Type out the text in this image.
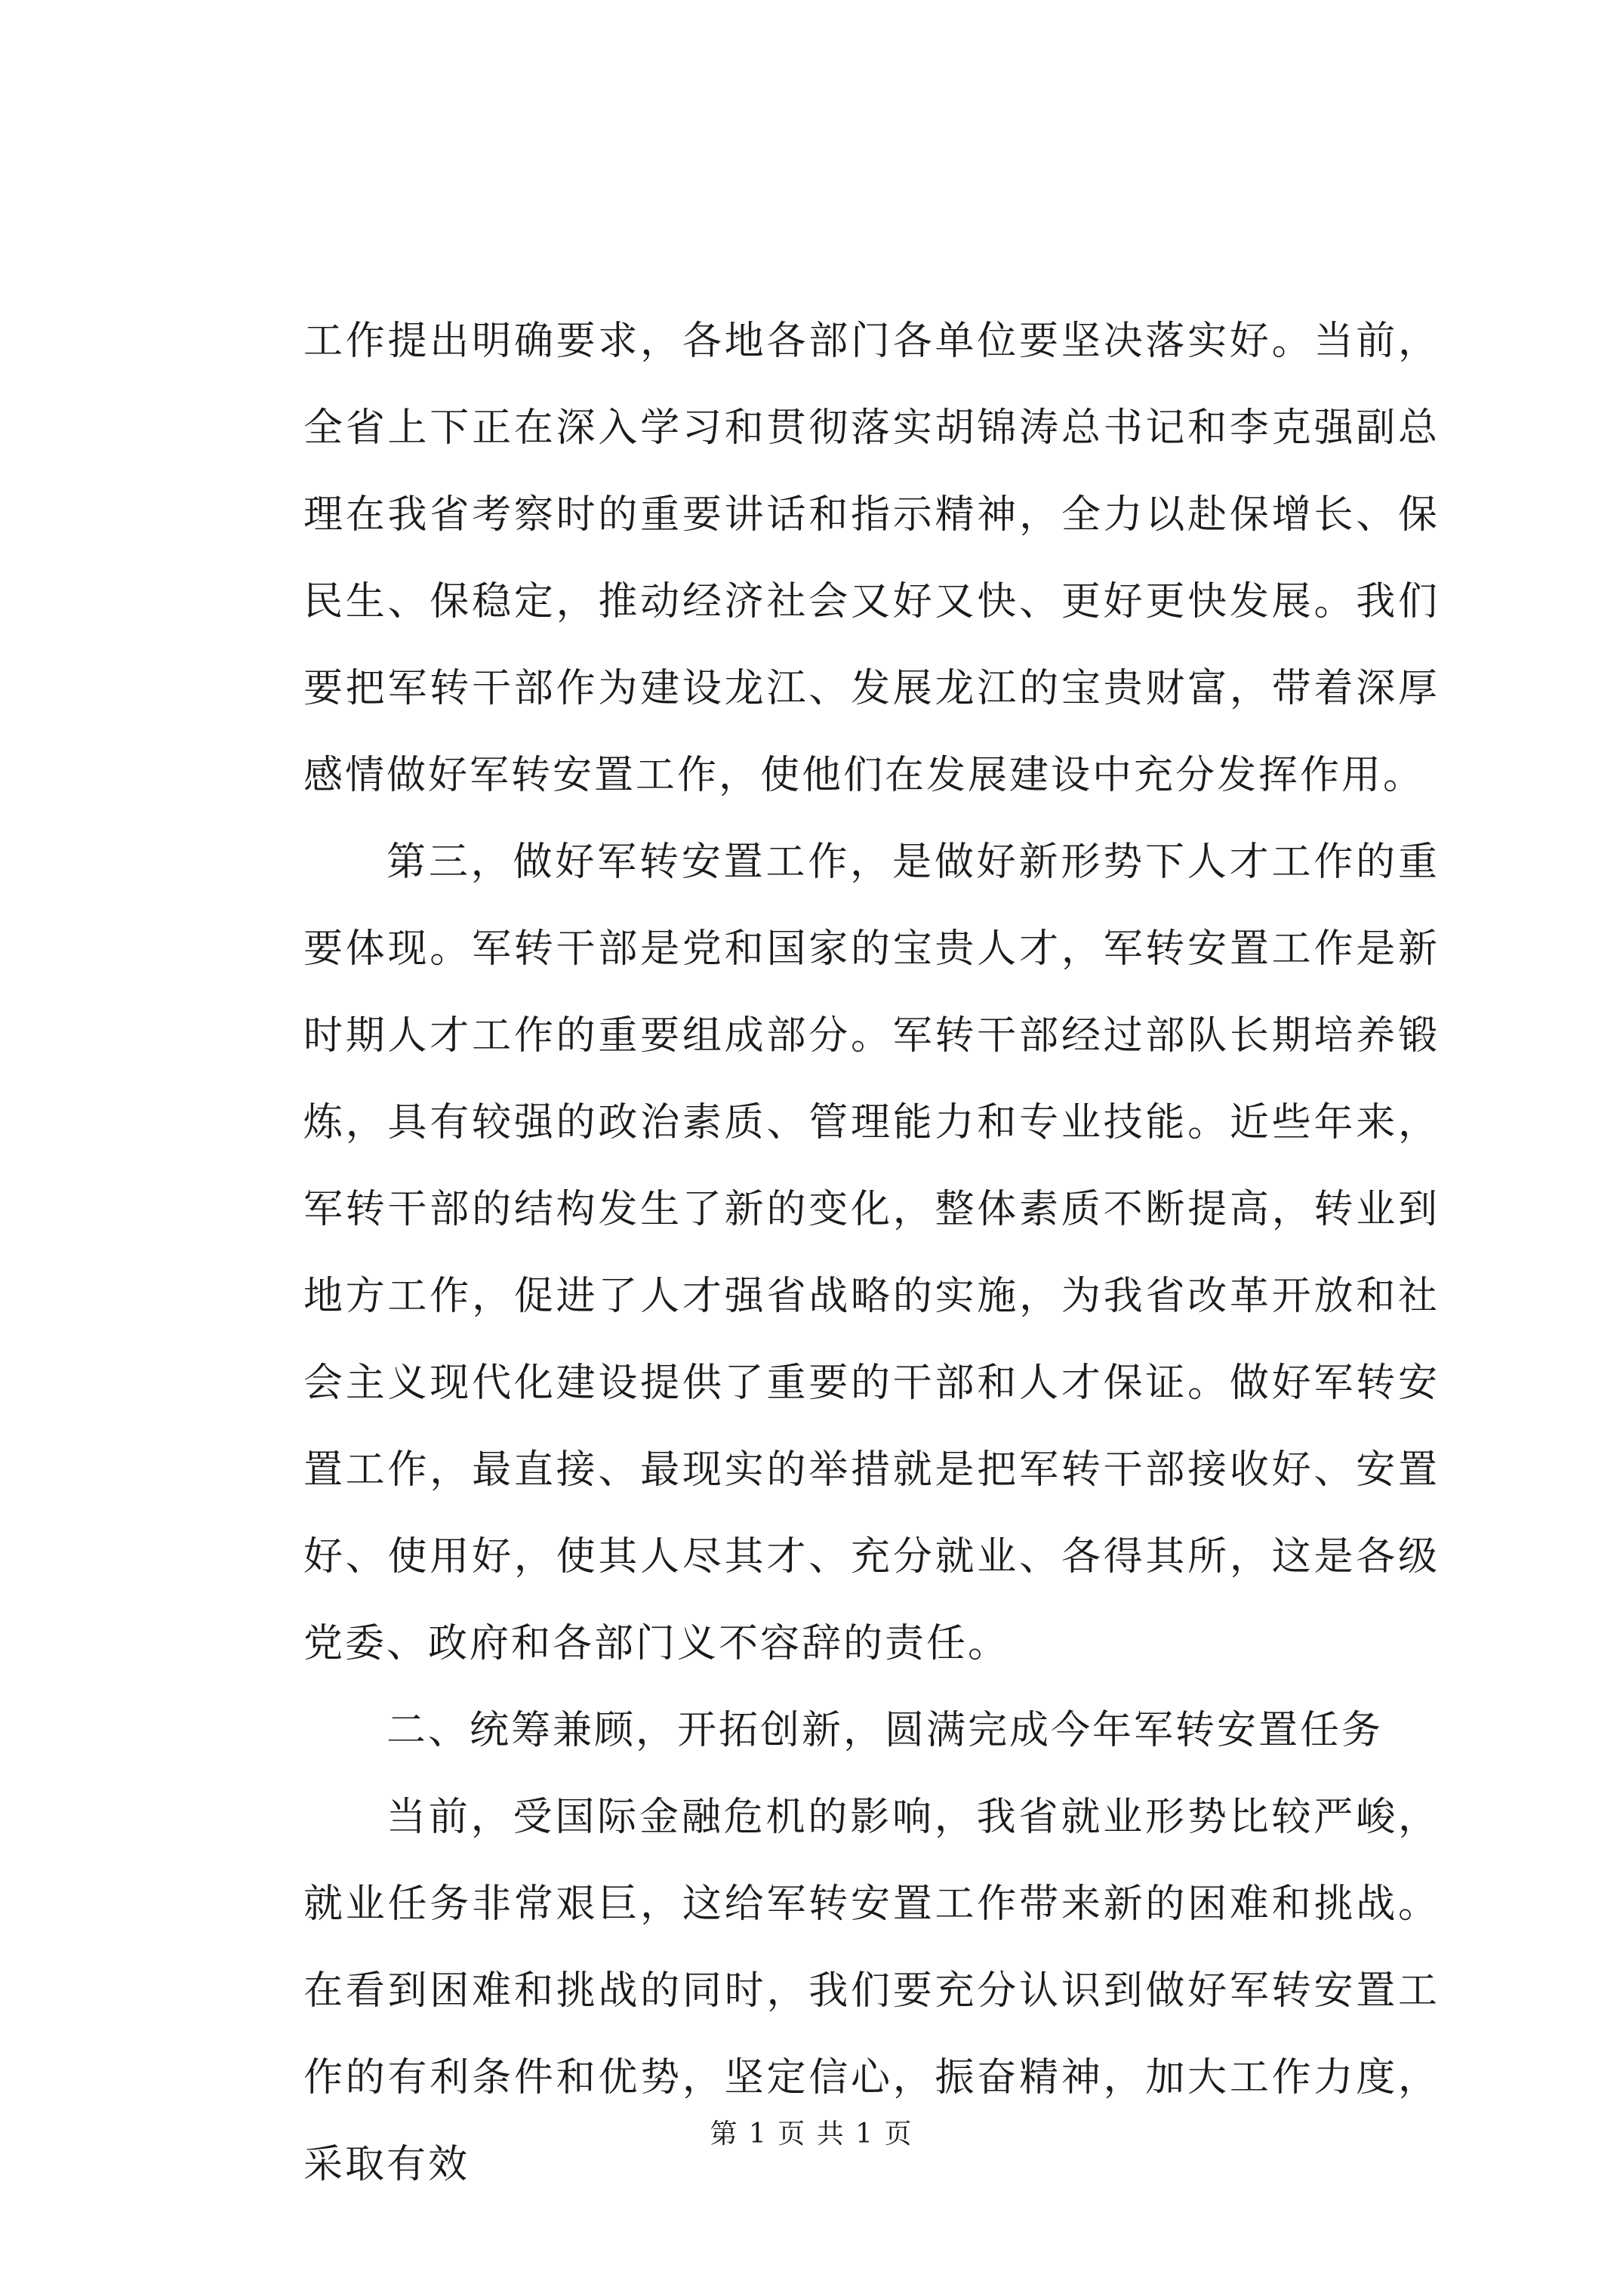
工作提出明确要求，各地各部门各单位要坚决落实好。当前，全省上下正在深入学习和贯彻落实胡锦涛总书记和李克强副总理在我省考察时的重要讲话和指示精神，全力以赴保增长、保民生、保稳定，推动经济社会又好又快、更好更快发展。我们要把军转干部作为建设龙江、发展龙江的宝贵财富，带着深厚感情做好军转安置工作，使他们在发展建设中充分发挥作用。

第三，做好军转安置工作，是做好新形势下人才工作的重要体现。军转干部是党和国家的宝贵人才，军转安置工作是新时期人才工作的重要组成部分。军转干部经过部队长期培养锻炼，具有较强的政治素质、管理能力和专业技能。近些年来，军转干部的结构发生了新的变化，整体素质不断提高，转业到地方工作，促进了人才强省战略的实施，为我省改革开放和社会主义现代化建设提供了重要的干部和人才保证。做好军转安置工作，最直接、最现实的举措就是把军转干部接收好、安置好、使用好，使其人尽其才、充分就业、各得其所，这是各级党委、政府和各部门义不容辞的责任。

二、统筹兼顾，开拓创新，圆满完成今年军转安置任务

当前，受国际金融危机的影响，我省就业形势比较严峻，就业任务非常艰巨，这给军转安置工作带来新的困难和挑战。在看到困难和挑战的同时，我们要充分认识到做好军转安置工作的有利条件和优势，坚定信心，振奋精神，加大工作力度，采取有效

第 1 页 共 1 页
